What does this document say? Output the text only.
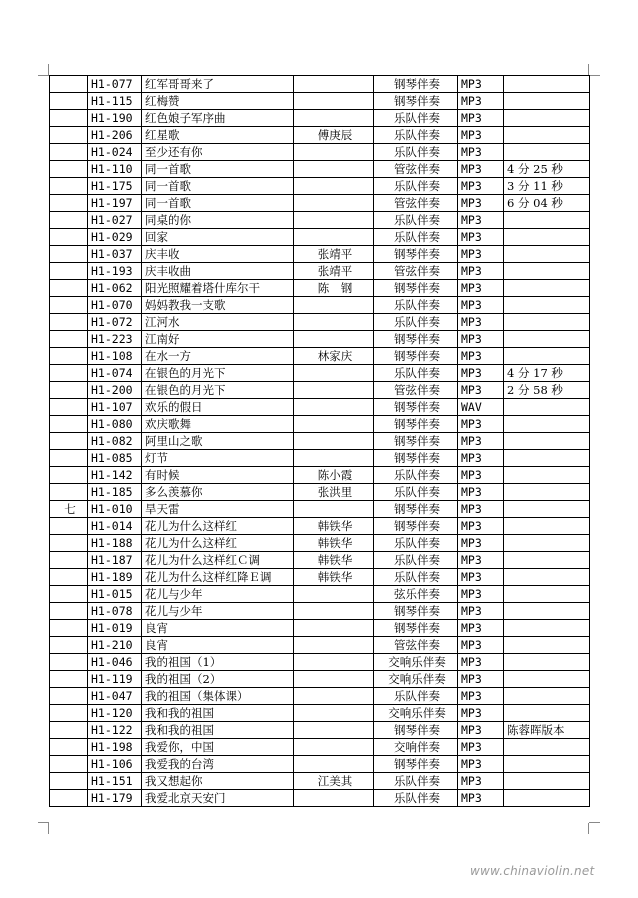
	H1-077	红军哥哥来了		钢琴伴奏	MP3	
	H1-115	红梅赞		钢琴伴奏	MP3	
	H1-190	红色娘子军序曲		乐队伴奏	MP3	
	H1-206	红星歌	傅庚辰	乐队伴奏	MP3	
	H1-024	至少还有你		乐队伴奏	MP3	
	H1-110	同一首歌		管弦伴奏	MP3	4 分 25 秒
	H1-175	同一首歌		乐队伴奏	MP3	3 分 11 秒
	H1-197	同一首歌		管弦伴奏	MP3	6 分 04 秒
	H1-027	同桌的你		乐队伴奏	MP3	
	H1-029	回家		乐队伴奏	MP3	
	H1-037	庆丰收	张靖平	钢琴伴奏	MP3	
	H1-193	庆丰收曲	张靖平	管弦伴奏	MP3	
	H1-062	阳光照耀着塔什库尔干	陈　钢	钢琴伴奏	MP3	
	H1-070	妈妈教我一支歌		乐队伴奏	MP3	
	H1-072	江河水		乐队伴奏	MP3	
	H1-223	江南好		钢琴伴奏	MP3	
	H1-108	在水一方	林家庆	钢琴伴奏	MP3	
	H1-074	在银色的月光下		乐队伴奏	MP3	4 分 17 秒
	H1-200	在银色的月光下		管弦伴奏	MP3	2 分 58 秒
	H1-107	欢乐的假日		钢琴伴奏	WAV	
	H1-080	欢庆歌舞		钢琴伴奏	MP3	
	H1-082	阿里山之歌		钢琴伴奏	MP3	
	H1-085	灯节		钢琴伴奏	MP3	
	H1-142	有时候	陈小霞	乐队伴奏	MP3	
	H1-185	多么羡慕你	张洪里	乐队伴奏	MP3	
七	H1-010	旱天雷		钢琴伴奏	MP3	
	H1-014	花儿为什么这样红	韩铁华	钢琴伴奏	MP3	
	H1-188	花儿为什么这样红	韩铁华	乐队伴奏	MP3	
	H1-187	花儿为什么这样红Ｃ调	韩铁华	乐队伴奏	MP3	
	H1-189	花儿为什么这样红降Ｅ调	韩铁华	乐队伴奏	MP3	
	H1-015	花儿与少年		弦乐伴奏	MP3	
	H1-078	花儿与少年		钢琴伴奏	MP3	
	H1-019	良宵		钢琴伴奏	MP3	
	H1-210	良宵		管弦伴奏	MP3	
	H1-046	我的祖国（1）		交响乐伴奏	MP3	
	H1-119	我的祖国（2）		交响乐伴奏	MP3	
	H1-047	我的祖国（集体课）		乐队伴奏	MP3	
	H1-120	我和我的祖国		交响乐伴奏	MP3	
	H1-122	我和我的祖国		钢琴伴奏	MP3	陈蓉晖版本
	H1-198	我爱你，中国		交响伴奏	MP3	
	H1-106	我爱我的台湾		钢琴伴奏	MP3	
	H1-151	我又想起你	江美其	乐队伴奏	MP3	
	H1-179	我爱北京天安门		乐队伴奏	MP3	
www.chinaviolin.net
